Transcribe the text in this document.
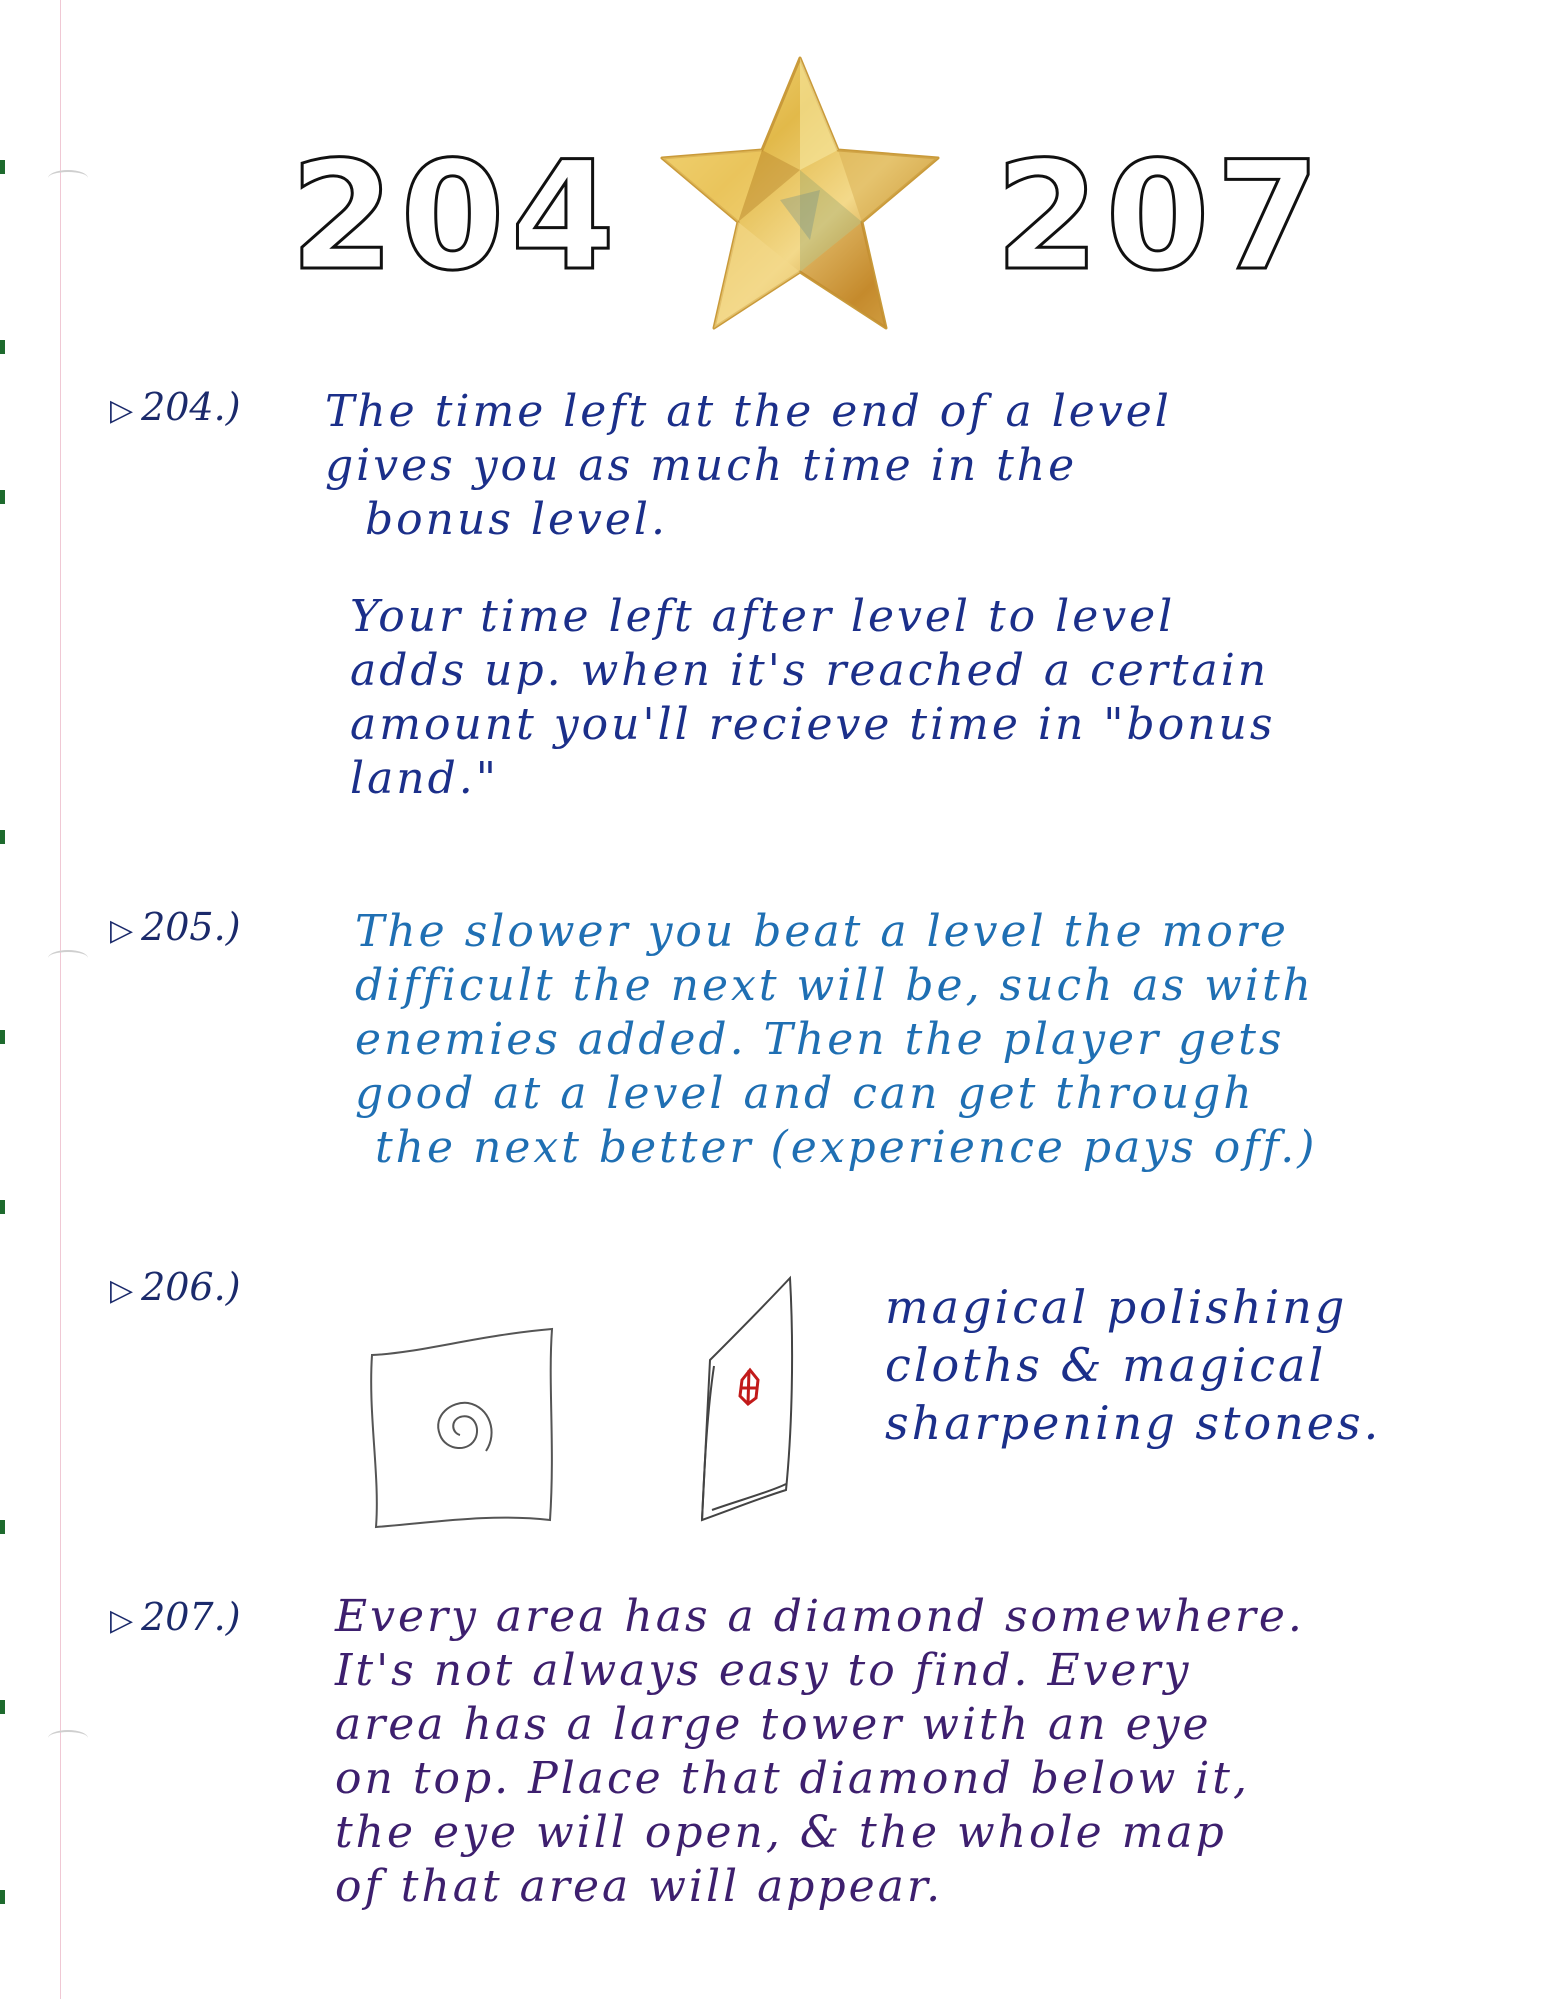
204 207
▷ 204.) The time left at the end of a level
gives you as much time in the
bonus level.
Your time left after level to level
adds up. when it's reached a certain
amount you'll recieve time in "bonus
land."
▷ 205.)	The slower you beat a level the more
difficult the next will be, such as with
enemies added. Then the player gets
good at a level and can get through
the next better (experience pays off.)
▷ 206.)	magical polishing
cloths & magical
sharpening stones.
▷ 207.) Every area has a diamond somewhere.
It's not always easy to find. Every
area has a large tower with an eye
on top. Place that diamond below it,
the eye will open, & the whole map
of that area will appear.
